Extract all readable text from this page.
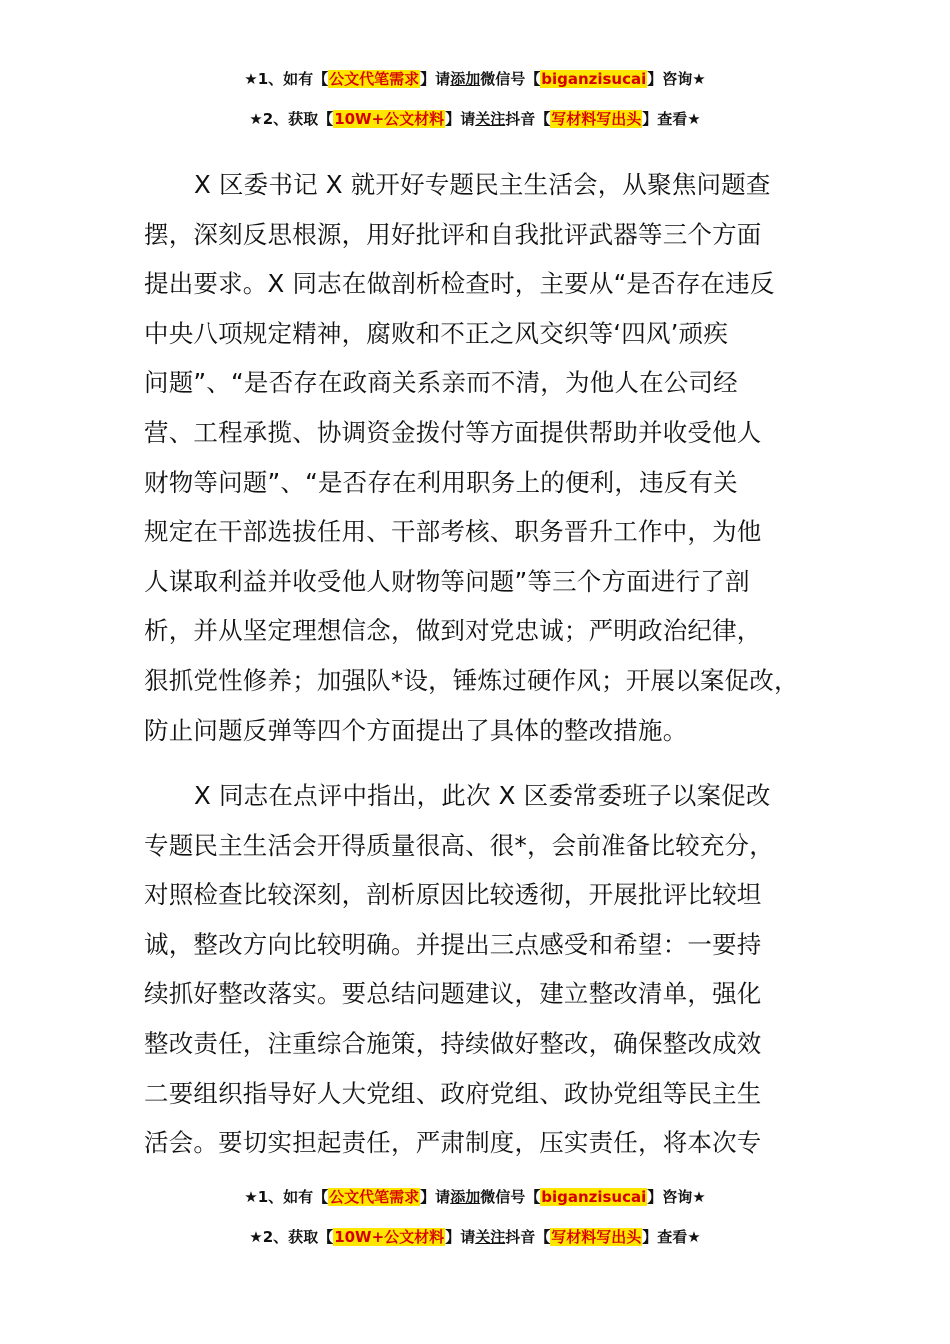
★1、如有【公文代笔需求】请添加微信号【biganzisucai】咨询★
★2、获取【10W+公文材料】请关注抖音【写材料写出头】查看★
X 区委书记 X 就开好专题民主生活会，从聚焦问题查
摆，深刻反思根源，用好批评和自我批评武器等三个方面
提出要求。X 同志在做剖析检查时，主要从“是否存在违反
中央八项规定精神，腐败和不正之风交织等‘四风’顽疾
问题”、“是否存在政商关系亲而不清，为他人在公司经
营、工程承揽、协调资金拨付等方面提供帮助并收受他人
财物等问题”、“是否存在利用职务上的便利，违反有关
规定在干部选拔任用、干部考核、职务晋升工作中，为他
人谋取利益并收受他人财物等问题”等三个方面进行了剖
析，并从坚定理想信念，做到对党忠诚；严明政治纪律，
狠抓党性修养；加强队*设，锤炼过硬作风；开展以案促改，
防止问题反弹等四个方面提出了具体的整改措施。
X 同志在点评中指出，此次 X 区委常委班子以案促改
专题民主生活会开得质量很高、很*，会前准备比较充分，
对照检查比较深刻，剖析原因比较透彻，开展批评比较坦
诚，整改方向比较明确。并提出三点感受和希望：一要持
续抓好整改落实。要总结问题建议，建立整改清单，强化
整改责任，注重综合施策，持续做好整改，确保整改成效
二要组织指导好人大党组、政府党组、政协党组等民主生
活会。要切实担起责任，严肃制度，压实责任，将本次专
★1、如有【公文代笔需求】请添加微信号【biganzisucai】咨询★
★2、获取【10W+公文材料】请关注抖音【写材料写出头】查看★
